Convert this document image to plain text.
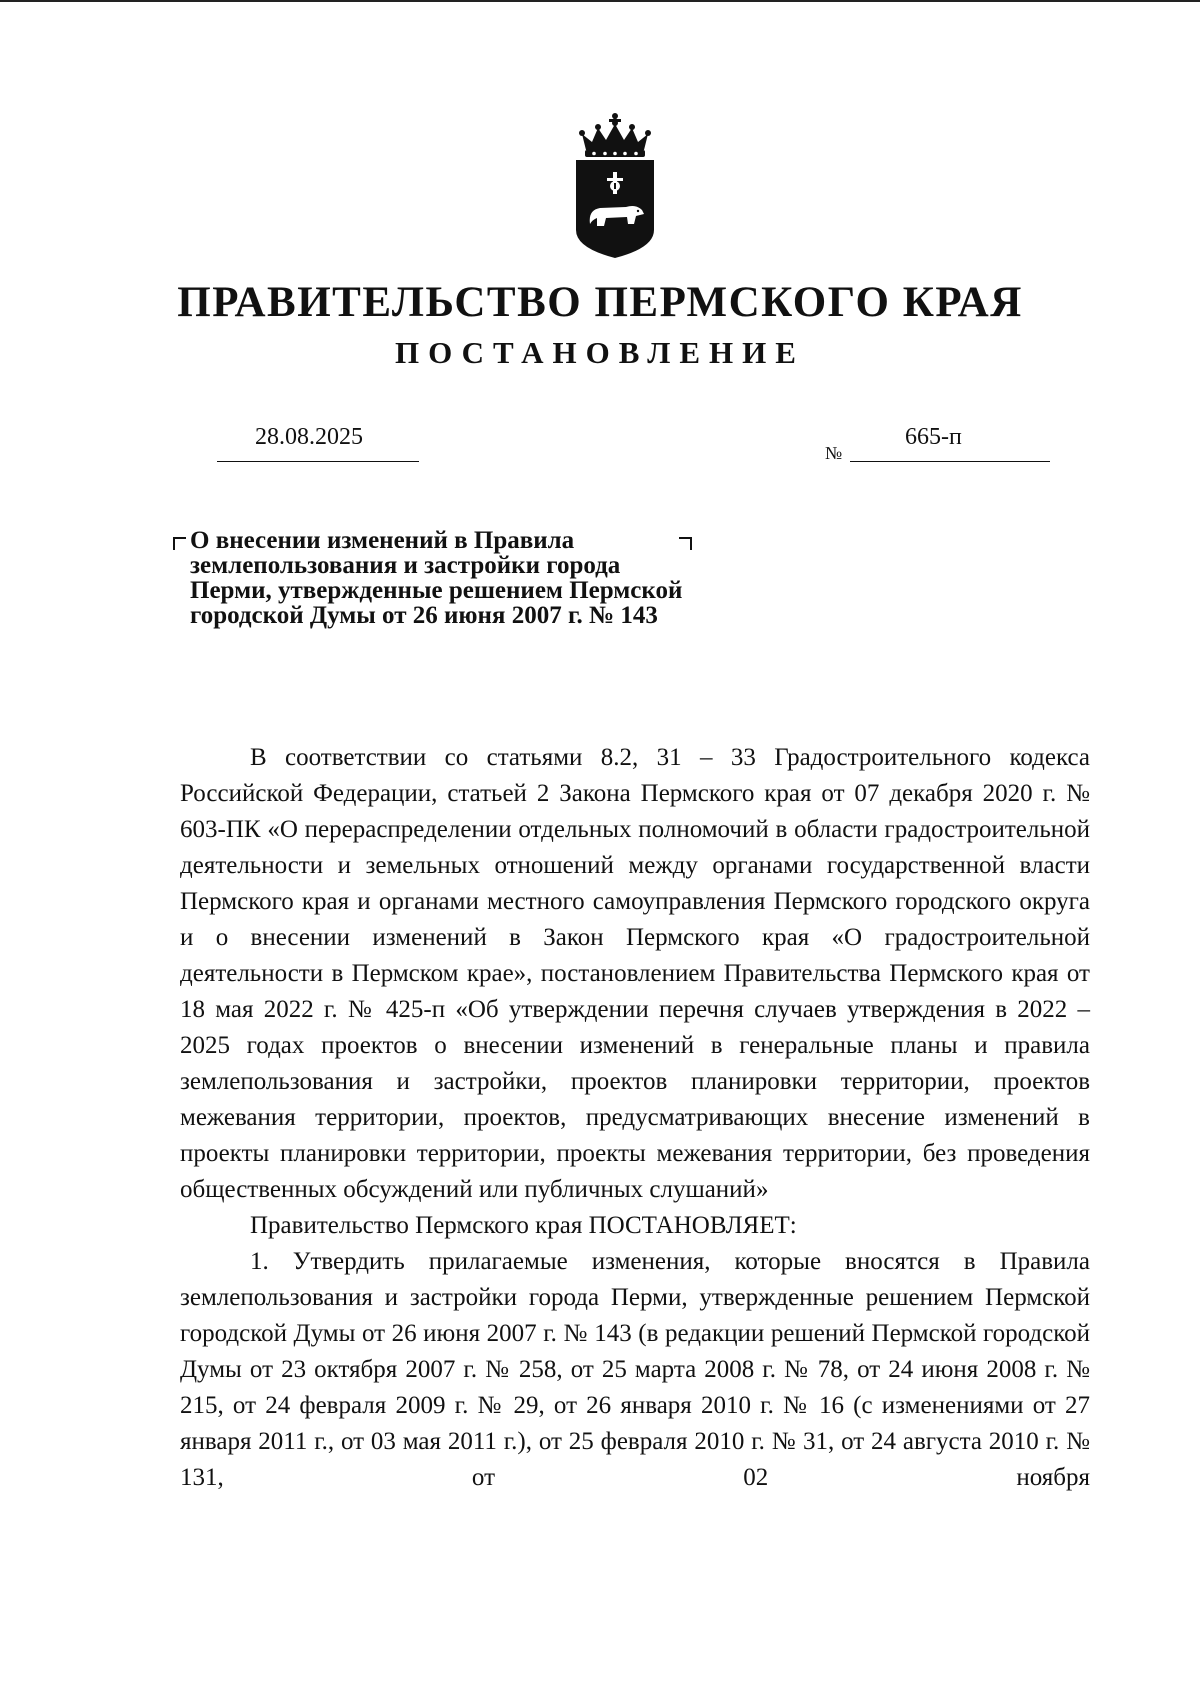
ПРАВИТЕЛЬСТВО ПЕРМСКОГО КРАЯ
ПОСТАНОВЛЕНИЕ
28.08.2025
№
665-п
О внесении изменений в Правила
землепользования и застройки города
Перми, утвержденные решением Пермской
городской Думы от 26 июня 2007 г. № 143

В соответствии со статьями 8.2, 31 – 33 Градостроительного кодекса Российской Федерации, статьей 2 Закона Пермского края от 07 декабря 2020 г. № 603-ПК «О перераспределении отдельных полномочий в области градостроительной деятельности и земельных отношений между органами государственной власти Пермского края и органами местного самоуправления Пермского городского округа и о внесении изменений в Закон Пермского края «О градостроительной деятельности в Пермском крае», постановлением Правительства Пермского края от 18 мая 2022 г. № 425-п «Об утверждении перечня случаев утверждения в 2022 – 2025 годах проектов о внесении изменений в генеральные планы и правила землепользования и застройки, проектов планировки территории, проектов межевания территории, проектов, предусматривающих внесение изменений в проекты планировки территории, проекты межевания территории, без проведения общественных обсуждений или публичных слушаний»

Правительство Пермского края ПОСТАНОВЛЯЕТ:

1. Утвердить прилагаемые изменения, которые вносятся в Правила землепользования и застройки города Перми, утвержденные решением Пермской городской Думы от 26 июня 2007 г. № 143 (в редакции решений Пермской городской Думы от 23 октября 2007 г. № 258, от 25 марта 2008 г. № 78, от 24 июня 2008 г. № 215, от 24 февраля 2009 г. № 29, от 26 января 2010 г. № 16 (с изменениями от 27 января 2011 г., от 03 мая 2011 г.), от 25 февраля 2010 г. № 31, от 24 августа 2010 г. № 131, от 02 ноября
